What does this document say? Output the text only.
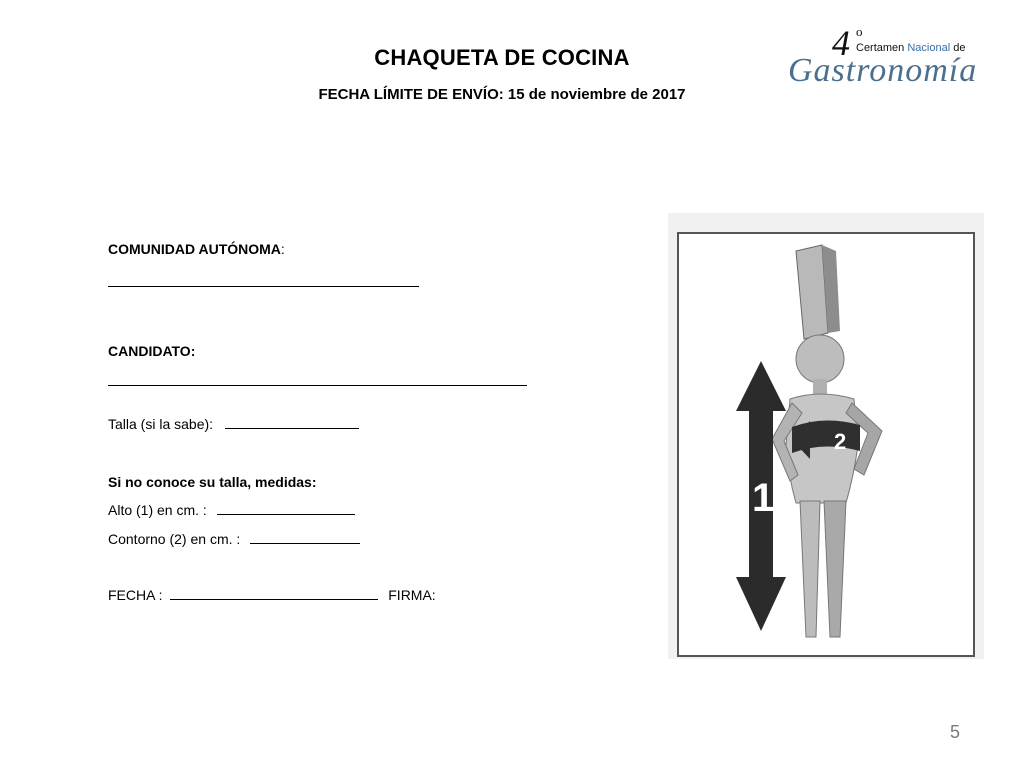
CHAQUETA DE COCINA
FECHA LÍMITE DE ENVÍO: 15 de noviembre de 2017
4 o
Certamen Nacional de
Gastronomía
COMUNIDAD AUTÓNOMA:
CANDIDATO:
Talla (si la sabe):
Si no conoce su talla, medidas:
Alto (1) en cm. :
Contorno (2) en cm. :
FECHA :	FIRMA:
2
1
5
